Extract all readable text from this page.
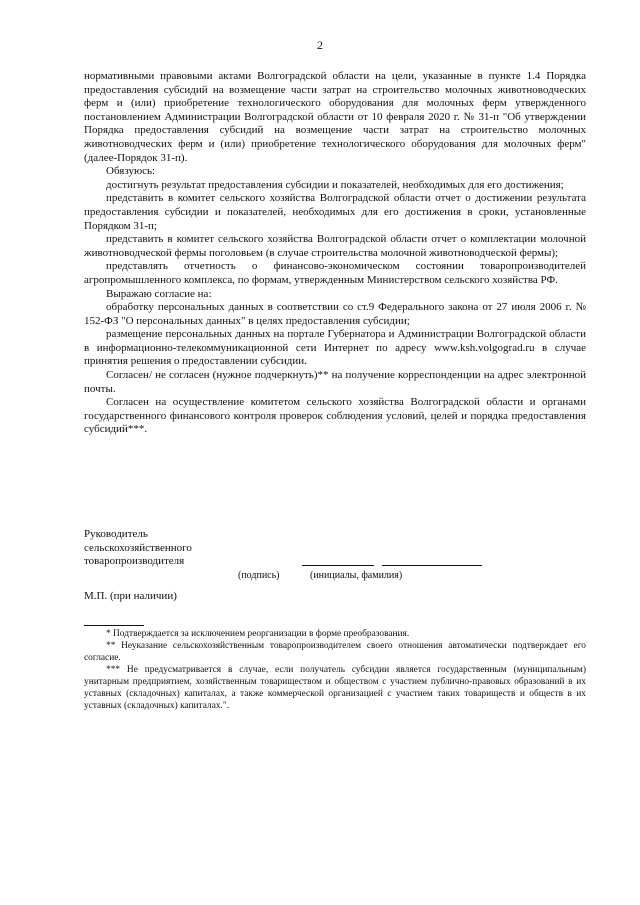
2

нормативными правовыми актами Волгоградской области на цели, указанные в пункте 1.4 Порядка предоставления субсидий на возмещение части затрат на строительство молочных животноводческих ферм и (или) приобретение технологического оборудования для молочных ферм утвержденного постановлением Администрации Волгоградской области от 10 февраля 2020 г. № 31-п "Об утверждении Порядка предоставления субсидий на возмещение части затрат на строительство молочных животноводческих ферм и (или) приобретение технологического оборудования для молочных ферм" (далее-Порядок 31-п).

Обязуюсь:

достигнуть результат предоставления субсидии и показателей, необходимых для его достижения;

представить в комитет сельского хозяйства Волгоградской области отчет о достижении результата предоставления субсидии и показателей, необходимых для его достижения в сроки, установленные Порядком 31-п;

представить в комитет сельского хозяйства Волгоградской области отчет о комплектации молочной животноводческой фермы поголовьем (в случае строительства молочной животноводческой фермы);

представлять отчетность о финансово-экономическом состоянии товаропроизводителей агропромышленного комплекса, по формам, утвержденным Министерством сельского хозяйства РФ.

Выражаю согласие на:

обработку персональных данных в соответствии со ст.9 Федерального закона от 27 июля 2006 г. № 152-ФЗ "О персональных данных" в целях предоставления субсидии;

размещение персональных данных на портале Губернатора и Администрации Волгоградской области в информационно-телекоммуникационной сети Интернет по адресу www.ksh.volgograd.ru в случае принятия решения о предоставлении субсидии.

Согласен/ не согласен (нужное подчеркнуть)** на получение корреспонденции на адрес электронной почты.

Согласен на осуществление комитетом сельского хозяйства Волгоградской области и органами государственного финансового контроля проверок соблюдения условий, целей и порядка предоставления субсидий***.

Руководитель
сельскохозяйственного
товаропроизводителя
(подпись)	(инициалы, фамилия)
М.П. (при наличии)

* Подтверждается за исключением реорганизации в форме преобразования.

** Неуказание сельскохозяйственным товаропроизводителем своего отношения автоматически подтверждает его согласие.

*** Не предусматривается в случае, если получатель субсидии является государственным (муниципальным) унитарным предприятием, хозяйственным товариществом и обществом с участием публично-правовых образований в их уставных (складочных) капиталах, а также коммерческой организацией с участием таких товариществ и обществ в их уставных (складочных) капиталах.".
